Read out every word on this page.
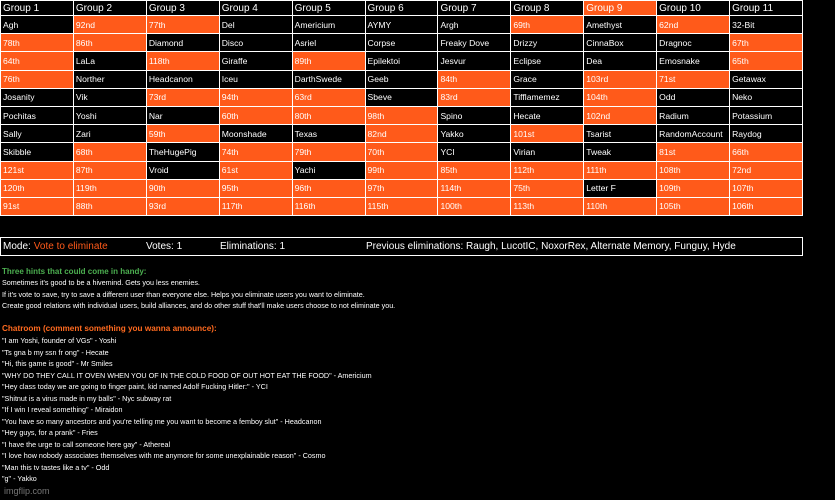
Group 1	Group 2	Group 3	Group 4	Group 5	Group 6	Group 7	Group 8	Group 9	Group 10	Group 11
Agh	92nd	77th	Del	Americium	AYMY	Argh	69th	Amethyst	62nd	32-Bit
78th	86th	Diamond	Disco	Asriel	Corpse	Freaky Dove	Drizzy	CinnaBox	Dragnoc	67th
64th	LaLa	118th	Giraffe	89th	Epilektoi	Jesvur	Eclipse	Dea	Emosnake	65th
76th	Norther	Headcanon	Iceu	DarthSwede	Geeb	84th	Grace	103rd	71st	Getawax
Josanity	Vik	73rd	94th	63rd	Sbeve	83rd	Tifflamemez	104th	Odd	Neko
Pochitas	Yoshi	Nar	60th	80th	98th	Spino	Hecate	102nd	Radium	Potassium
Sally	Zari	59th	Moonshade	Texas	82nd	Yakko	101st	Tsarist	RandomAccount	Raydog
Skibble	68th	TheHugePig	74th	79th	70th	YCI	Virian	Tweak	81st	66th
121st	87th	Vroid	61st	Yachi	99th	85th	112th	111th	108th	72nd
120th	119th	90th	95th	96th	97th	114th	75th	Letter F	109th	107th
91st	88th	93rd	117th	116th	115th	100th	113th	110th	105th	106th
Mode: Vote to eliminate	Votes: 1	Eliminations: 1	Previous eliminations: Raugh, LucotIC, NoxorRex, Alternate Memory, Funguy, Hyde
Three hints that could come in handy:
Sometimes it's good to be a hivemind. Gets you less enemies.
If it's vote to save, try to save a different user than everyone else. Helps you eliminate users you want to eliminate.
Create good relations with individual users, build alliances, and do other stuff that'll make users choose to not eliminate you.
Chatroom (comment something you wanna announce):
"I am Yoshi, founder of VGs" - Yoshi
"Ts gna b my ssn fr ong" - Hecate
"Hi, this game is good" - Mr Smiles
"WHY DO THEY CALL IT OVEN WHEN YOU OF IN THE COLD FOOD OF OUT HOT EAT THE FOOD" - Americium
"Hey class today we are going to finger paint, kid named Adolf Fucking Hitler:" - YCI
"Shitnut is a virus made in my balls" - Nyc subway rat
"If I win I reveal something" - Miraidon
"You have so many ancestors and you're telling me you want to become a femboy slut" - Headcanon
"Hey guys, for a prank" - Fries
"I have the urge to call someone here gay" - Athereal
"I love how nobody associates themselves with me anymore for some unexplainable reason" - Cosmo
"Man this tv tastes like a tv" - Odd
"g" - Yakko
imgflip.com
